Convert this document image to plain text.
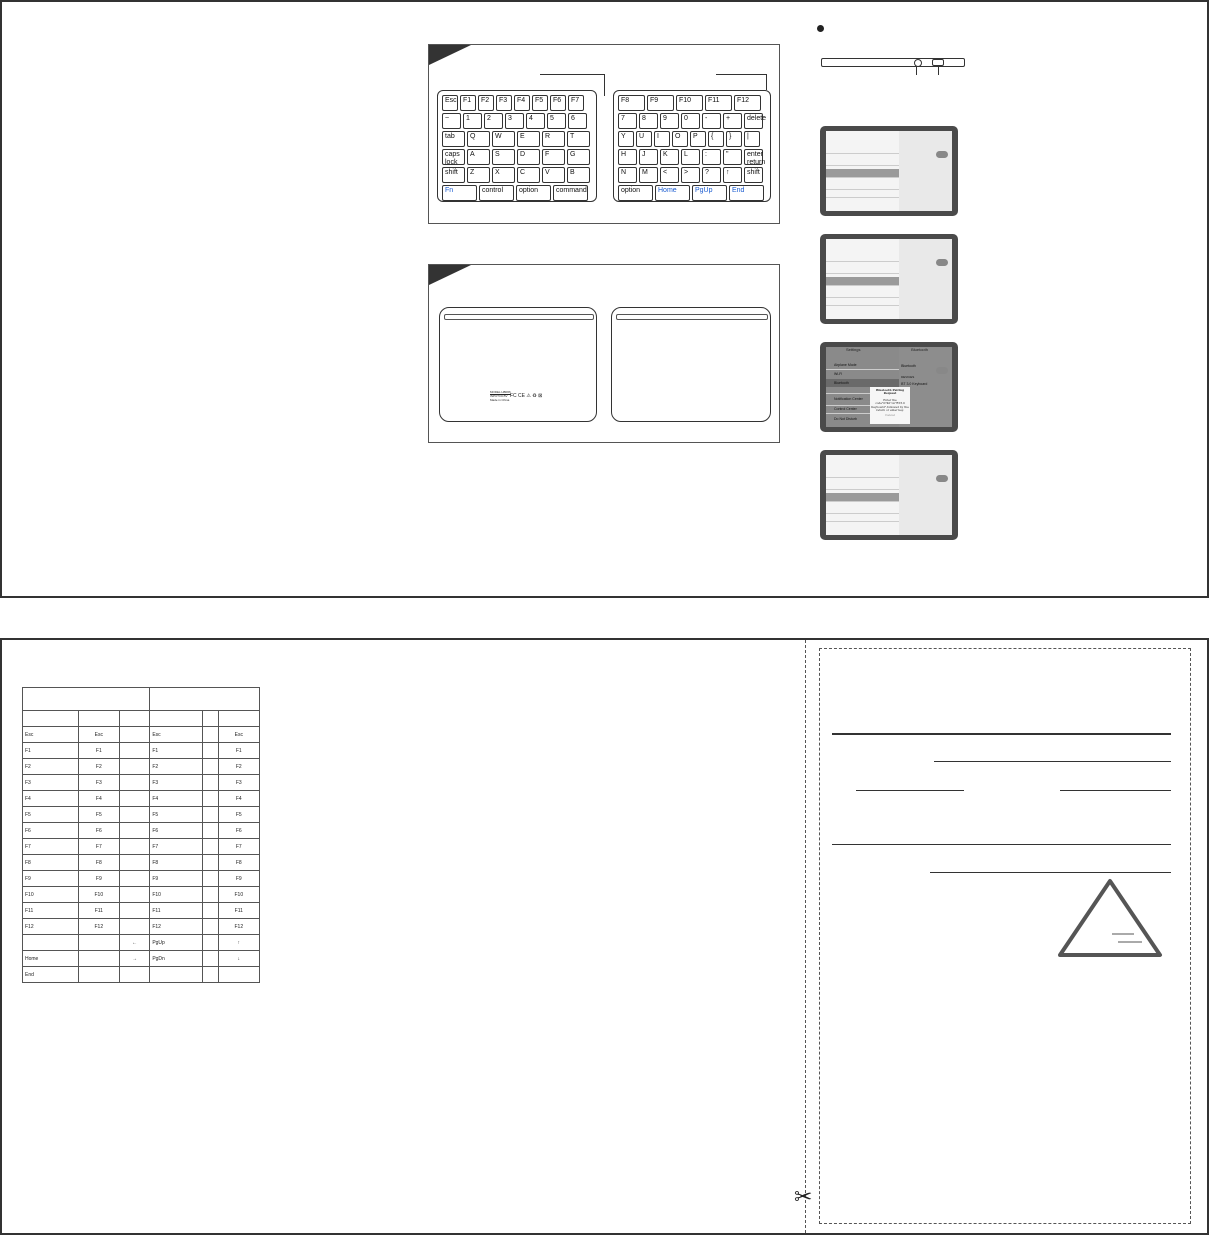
Esc F1	F2	F3	F4	F5	F6	F7
~	1	2	3	4	5	6
tab	Q	W	E	R	T
caps lock
A	S	D	F	G
shift	Z	X	C	V	B
Fn	control	option	command
F8	F9	F10	F11	F12
7	8	9	0	-	+	delete
Y	U	I	O	P	{	}	|
H	J	K	L	:	"	enter return
N	M	<	>	?	↑	shift
option	Home	PgUp	End
MODEL:HB066
INPUT:DC5V
Made in China
FC CE ⚠ ♻ ⊠
Settings
Airplane Mode
Wi-Fi
Bluetooth
Notification Center
Control Center
Do Not Disturb
Bluetooth
Bluetooth
DEVICES
BT 3.0 Keyboard
Bluetooth Pairing Request
Enter the code"0740"on"BT3.0 Keyboard",followed by the return or enter key.
Cancel

Esc	Esc		Esc		Esc
F1	F1		F1		F1
F2	F2		F2		F2
F3	F3		F3		F3
F4	F4		F4		F4
F5	F5		F5		F5
F6	F6		F6		F6
F7	F7		F7		F7
F8	F8		F8		F8
F9	F9		F9		F9
F10	F10		F10		F10
F11	F11		F11		F11
F12	F12		F12		F12
		←	PgUp		↑
Home		→	PgDn		↓
End					
✂
